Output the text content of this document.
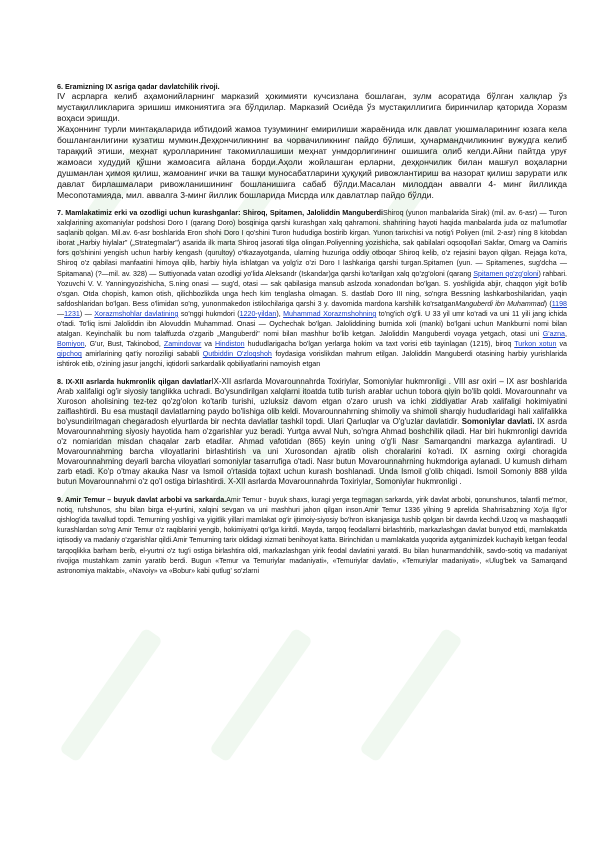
6. Eramizning IX asriga qadar davlatchilik rivoji.
IV асрларга келиб аҳамонийларнинг марказий ҳокимияти кучсизлана бошлаган, зулм асоратида бўлган халқлар ўз мустақилликларига эришиш имкониятига эга бўлдилар. Марказий Осиёда ўз мустақиллигига биринчилар қаторида Хоразм воҳаси эришди.
Жаҳоннинг турли минтақаларида ибтидоий жамоа тузумининг емирилиши жараёнида илк давлат уюшмаларининг юзага кела бошланганлигини кузатиш мумкин.Деҳқончиликнинг ва чорвачиликнинг пайдо бўлиши, ҳунармандчиликнинг вужудга келиб тараққий этиши, меҳнат қуролларининг такомиллашиши меҳнат унмдорлигининг ошишига олиб келди.Айни пайтда уруғ жамоаси худудий қўшни жамоасига айлана борди.Аҳоли жойлашган ерларни, деҳқончилик билан машғул воҳаларни душманлан ҳимоя қилиш, жамоанинг ички ва ташқи муносабатларини ҳуқуқий ривожлантириш ва назорат қилиш зарурати илк давлат бирлашмалари ривожланишининг бошланишига сабаб бўлди.Масалан милоддан аввалги 4- минг йилликда Месопотамияда, мил. аввалга 3-минг йиллик бошларида Мисрда илк давлатлар пайдо бўлди.
7. Mamlakatimiz erki va ozodligi uchun kurashganlar: Shiroq, Spitamen, Jaloliddin ManguberdiShiroq (yunon manbalarida Sirak) (mil. av. 6-asr) — Turon xalqlarining axomaniylar podshosi Doro I (qarang Doro) bosqiniga qarshi kurashgan xalq qahramoni. shahrining hayoti haqida manbalarda juda oz ma'lumotlar saqlanib qolgan. Mil.av. 6-asr boshlarida Eron shohi Doro I qo'shini Turon hududiga bostirib kirgan. Yunon tarixchisi va notig'i Poliyen (mil. 2-asr) ning 8 kitobdan iborat „Harbiy hiylalar" („Strategmalar") asarida ilk marta Shiroq jasorati tilga olingan.Poliyenning yozishicha, sak qabilalari oqsoqollari Sakfar, Omarg va Oamiris fors qo'shinini yengish uchun harbiy kengash (qurultoy) o'tkazayotganda, ularning huzuriga oddiy otboqar Shiroq kelib, o'z rejasini bayon qilgan. Rejaga ko'ra, Shiroq o'z qabilasi manfaatini himoya qilib, harbiy hiyla ishlatgan va yolg'iz o'zi Doro I lashkariga qarshi turgan.Spitamen (yun. — Spitamenes, sug'dcha — Spitamana) (?—mil. av. 328) — Suttiyonada vatan ozodligi yo'lida Aleksandr (Iskandar)ga qarshi ko'tarilgan xalq qo'zg'oloni (qarang Spitamen qo'zg'oloni) rahbari. Yozuvchi V. V. Yanningyozishicha, S.ning onasi — sug'd, otasi — sak qabilasiga mansub aslzoda xonadondan bo'lgan. S. yoshligida abjir, chaqqon yigit bo'lib o'sgan. Otda chopish, kamon otish, qilichbozlikda unga hech kim tenglasha olmagan. S. dastlab Doro III ning, so'ngra Bessning lashkarboshilaridan, yaqin safdoshlaridan bo'lgan. Bess o'limidan so'ng, yunonmakedon istilochilariga qarshi 3 y. davomida mardona karshilik ko'rsatganManguberdi ibn Muhammad) (1198—1231) — Xorazmshohlar davlatining so'nggi hukmdori (1220-yildan), Muhammad Xorazmshohning to'ng'ich o'g'li. U 33 yil umr ko'radi va uni 11 yili jang ichida o'tadi. To'liq ismi Jaloliddin ibn Alovuddin Muhammad. Onasi — Oychechak bo'lgan. Jaloliddining burnida xoli (manki) bo'lgani uchun Mankburni nomi bilan atalgan. Keyinchalik bu nom talaffuzda o'zgarib „Manguberdi" nomi bilan mashhur bo'lib ketgan. Jaloliddin Manguberdi voyaga yetgach, otasi uni G'azna, Bomiyon, G'ur, Bust, Takinobod, Zamindovar va Hindiston hududlarigacha bo'lgan yerlarga hokim va taxt vorisi etib tayinlagan (1215), biroq Turkon xotun va qipchoq amirlarining qat'iy noroziligi sababli Qutbiddin O'zloqshoh foydasiga vorislikdan mahrum etilgan. Jaloliddin Manguberdi otasining harbiy yurishlarida ishtirok etib, o'zining jasur jangchi, iqtidorli sarkardalik qobiliyatlarini namoyish etgan
8. IX-XII asrlarda hukmronlik qilgan davlatlarIX-XII asrlarda Movarounnahrda Toxiriylar, Somoniylar hukmronligi . VIII asr oxiri – IX asr boshlarida Arab xalifaligi og'ir siyosiy tanglikka uchradi. Bo'ysundirilgan xalqlarni itoatda tutib turish arablar uchun tobora qiyin bo'lib qoldi. Movarounnahr va Xuroson aholisining tez-tez qo'zg'olon ko'tarib turishi, uzluksiz davom etgan o'zaro urush va ichki ziddiyatlar Arab xalifaligi hokimiyatini zaiflashtirdi. Bu esa mustaqil davlatlarning paydo bo'lishiga olib keldi. Movarounnahrning shimoliy va shimoli sharqiy hududlaridagi hali xalifalikka bo'ysundirilmagan chegaradosh elyurtlarda bir nechta davlatlar tashkil topdi. Ulari Qarluqlar va O'g'uzlar davlatidir. Somoniylar davlati. IX asrda Movarounnahrning siyosiy hayotida ham o'zgarishlar yuz beradi. Yurtga avval Nuh, so'ngra Ahmad boshchilik qiladi. Har biri hukmronligi davrida o'z nomiaridan misdan chaqalar zarb etadilar. Ahmad vafotidan (865) keyin uning o'g'li Nasr Samarqandni markazga aylantiradi. U Movarounnahrning barcha viloyatlarini birlashtirish va uni Xurosondan ajratib olish choralarini ko'radi. IX asrning oxirgi choragida Movarounnahrning deyarli barcha viloyatlari somoniylar tasarrufiga o'tadi. Nasr butun Movarounnahrning hukmdoriga aylanadi. U kumush dirham zarb etadi. Ko'p o'tmay akauka Nasr va Ismoil o'rtasida tojtaxt uchun kurash boshlanadi. Unda Ismoil g'olib chiqadi. Ismoil Somoniy 888 yilda butun Movarounnahrni o'z qo'l ostiga birlashtirdi. X-XII asrlarda Movarounnahrda Toxiriylar, Somoniylar hukmronligi .
9. Amir Temur – buyuk davlat arbobi va sarkarda.Amir Temur - buyuk shaxs, kuragi yerga tegmagan sarkarda, yirik davlat arbobi, qonunshunos, talantli me'mor, notiq, ruhshunos, shu bilan birga el-yurtini, xalqini sevgan va uni mashhuri jahon qilgan inson.Amir Temur 1336 yilning 9 aprelida Shahrisabzning Xo'ja Ilg'or qishlog'ida tavallud topdi. Temurning yoshligi va yigitlik yillari mamlakat og'ir ijtimoiy-siyosiy bo'hron iskanjasiga tushib qolgan bir davrda kechdi.Uzoq va mashaqqatli kurashlardan so'ng Amir Temur o'z raqiblarini yengib, hokimiyatni qo'lga kiritdi. Mayda, tarqoq feodallarni birlashtirib, markazlashgan davlat bunyod etdi, mamlakatda iqtisodiy va madaniy o'zgarishlar qildi.Amir Temurning tarix oldidagi xizmati benihoyat katta. Birinchidan u mamlakatda yuqorida aytganimizdek kuchayib ketgan feodal tarqoqlikka barham berib, el-yurtni o'z tug'i ostiga birlashtira oldi, markazlashgan yirik feodal davlatini yaratdi. Bu bilan hunarmandchilik, savdo-sotiq va madaniyat rivojiga mustahkam zamin yaratib berdi. Bugun «Temur va Temuriylar madaniyati», «Temuriylar davlati», «Temuriylar madaniyati», «Ulug'bek va Samarqand astronomiya maktabi», «Navoiy» va «Bobur» kabi qutlug' so'zlarni
